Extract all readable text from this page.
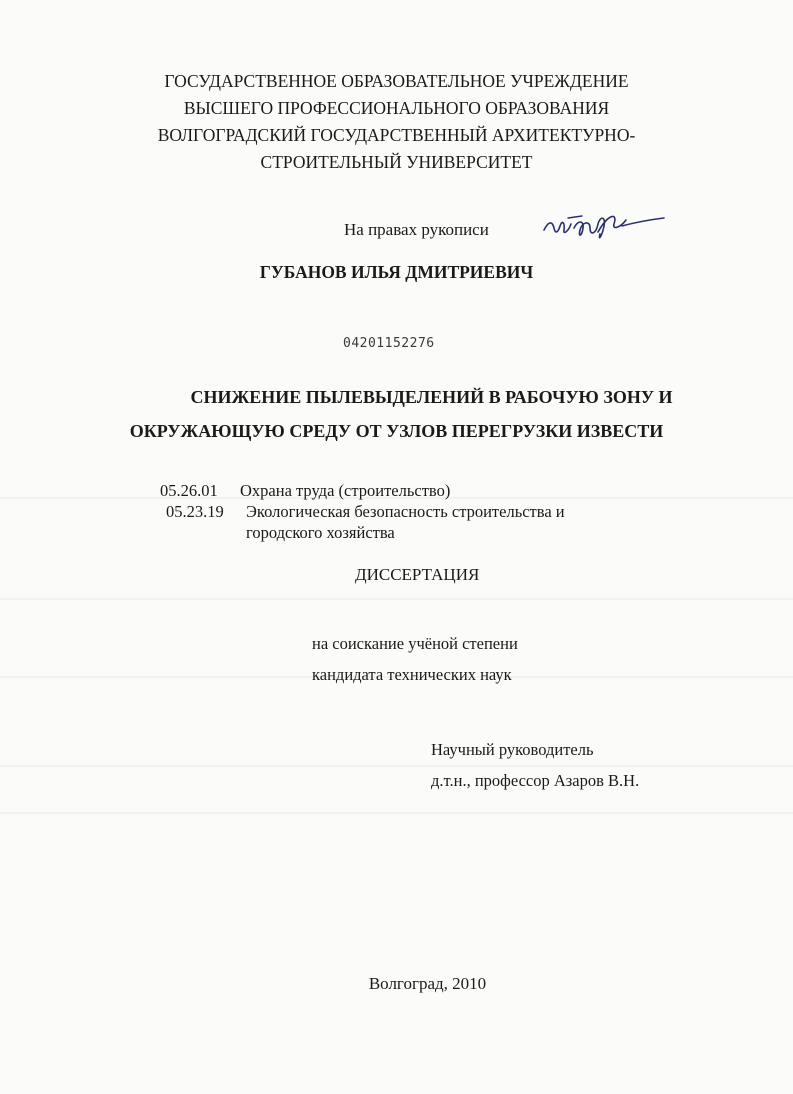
ГОСУДАРСТВЕННОЕ ОБРАЗОВАТЕЛЬНОЕ УЧРЕЖДЕНИЕ
ВЫСШЕГО ПРОФЕССИОНАЛЬНОГО ОБРАЗОВАНИЯ
ВОЛГОГРАДСКИЙ ГОСУДАРСТВЕННЫЙ АРХИТЕКТУРНО-
СТРОИТЕЛЬНЫЙ УНИВЕРСИТЕТ
На правах рукописи
ГУБАНОВ ИЛЬЯ ДМИТРИЕВИЧ
04201152276
СНИЖЕНИЕ ПЫЛЕВЫДЕЛЕНИЙ В РАБОЧУЮ ЗОНУ И
ОКРУЖАЮЩУЮ СРЕДУ ОТ УЗЛОВ ПЕРЕГРУЗКИ ИЗВЕСТИ
05.26.01	Охрана труда (строительство)
05.23.19	Экологическая безопасность строительства и
городского хозяйства
ДИССЕРТАЦИЯ
на соискание учёной степени
кандидата технических наук
Научный руководитель
д.т.н., профессор Азаров В.Н.
Волгоград, 2010
